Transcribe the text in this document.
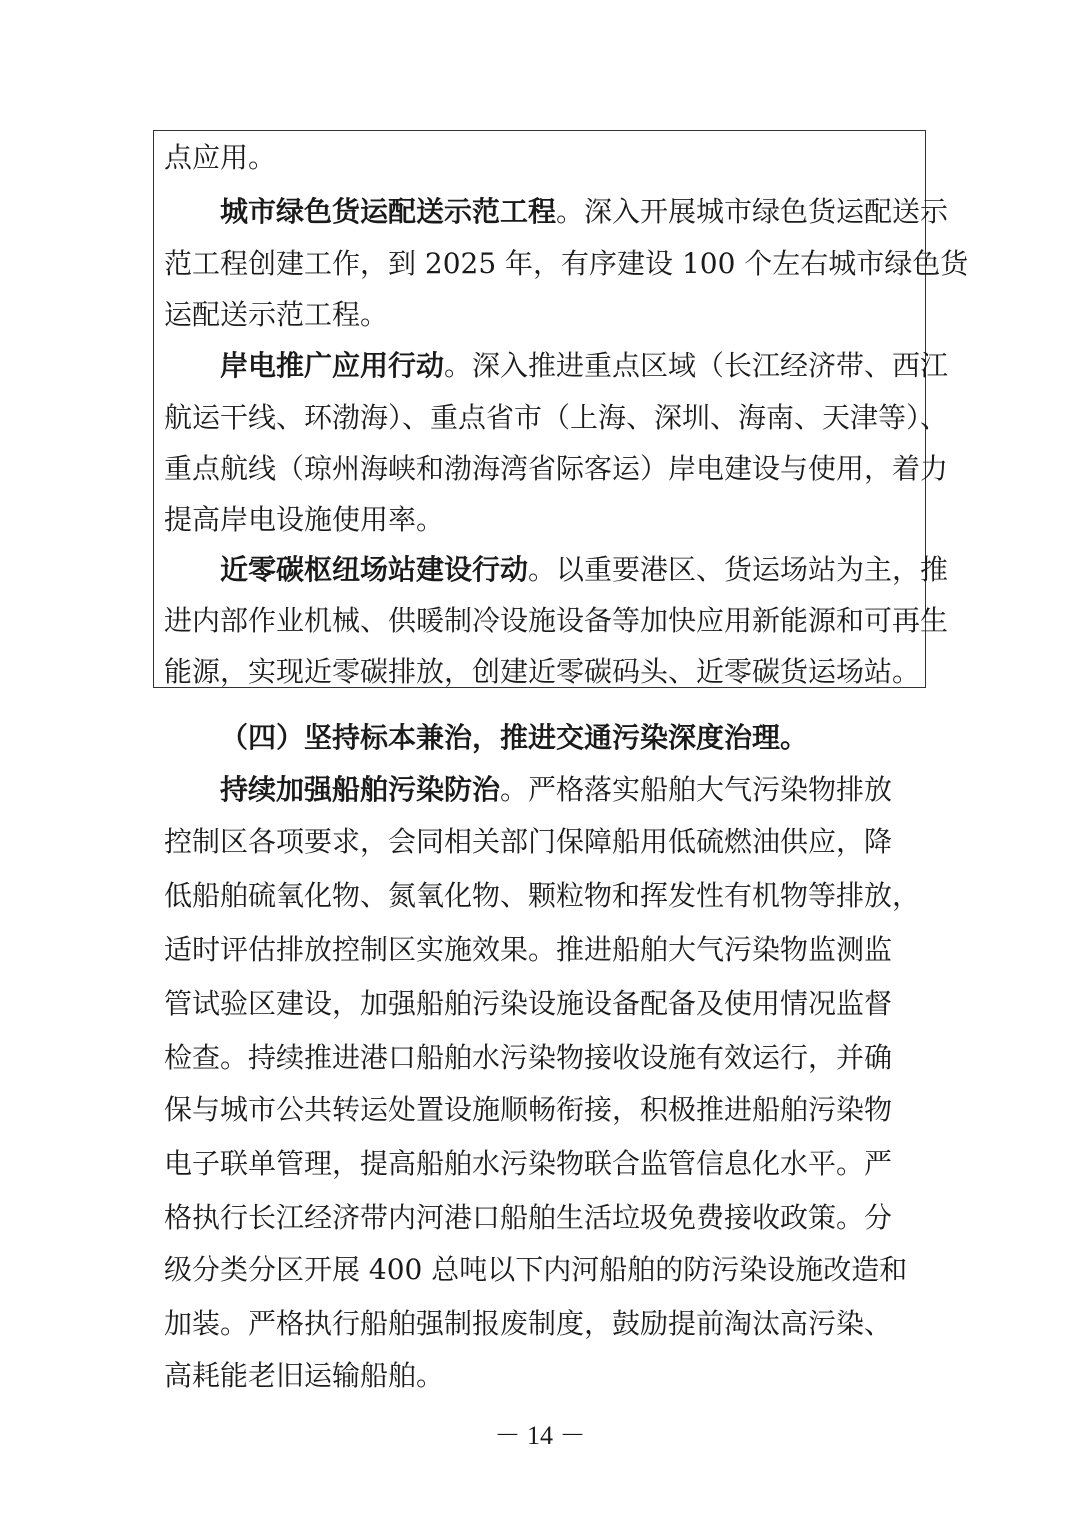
点应用。
城市绿色货运配送示范工程。深入开展城市绿色货运配送示
范工程创建工作，到 2025 年，有序建设 100 个左右城市绿色货
运配送示范工程。
岸电推广应用行动。深入推进重点区域（长江经济带、西江
航运干线、环渤海）、重点省市（上海、深圳、海南、天津等）、
重点航线（琼州海峡和渤海湾省际客运）岸电建设与使用，着力
提高岸电设施使用率。
近零碳枢纽场站建设行动。以重要港区、货运场站为主，推
进内部作业机械、供暖制冷设施设备等加快应用新能源和可再生
能源，实现近零碳排放，创建近零碳码头、近零碳货运场站。
（四）坚持标本兼治，推进交通污染深度治理。
持续加强船舶污染防治。严格落实船舶大气污染物排放
控制区各项要求，会同相关部门保障船用低硫燃油供应，降
低船舶硫氧化物、氮氧化物、颗粒物和挥发性有机物等排放，
适时评估排放控制区实施效果。推进船舶大气污染物监测监
管试验区建设，加强船舶污染设施设备配备及使用情况监督
检查。持续推进港口船舶水污染物接收设施有效运行，并确
保与城市公共转运处置设施顺畅衔接，积极推进船舶污染物
电子联单管理，提高船舶水污染物联合监管信息化水平。严
格执行长江经济带内河港口船舶生活垃圾免费接收政策。分
级分类分区开展 400 总吨以下内河船舶的防污染设施改造和
加装。严格执行船舶强制报废制度，鼓励提前淘汰高污染、
高耗能老旧运输船舶。
－ 14 －
